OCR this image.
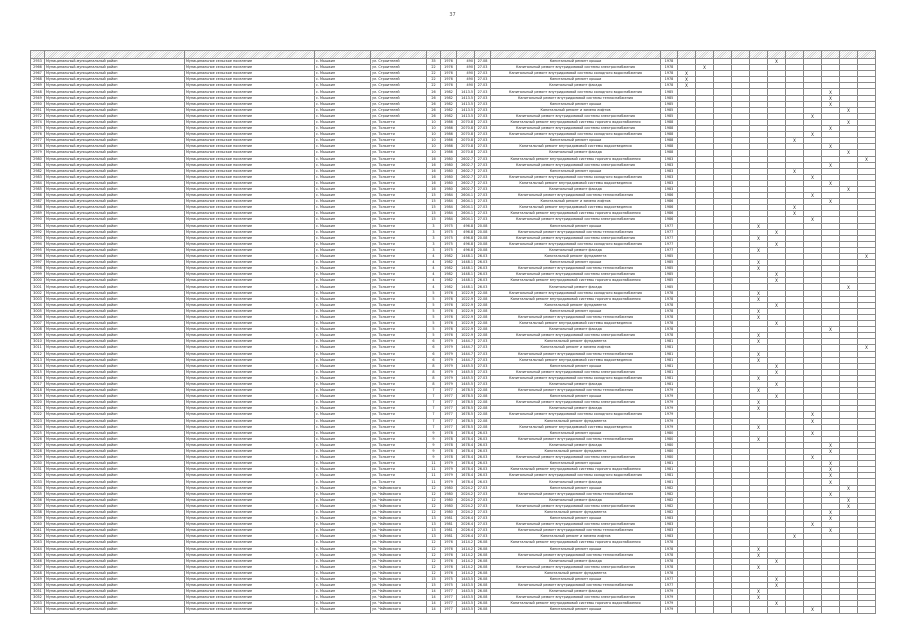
37

2953	Муниципальный-муниципальный район	Муниципальное сельское поселение	с. Мышкин	ул. Строителей	35	1976	490	27.08	Капитальный ремонт крыши	1978						X					
2966	Муниципальный-муниципальный район	Муниципальное сельское поселение	с. Мышкин	ул. Строителей	22	1976	490	27.03	Капитальный ремонт внутридомовой системы электроснабжения	1978		X									
2967	Муниципальный-муниципальный район	Муниципальное сельское поселение	с. Мышкин	ул. Строителей	22	1976	490	27.03	Капитальный ремонт внутридомовой системы холодного водоснабжения	1978	X										
2968	Муниципальный-муниципальный район	Муниципальное сельское поселение	с. Мышкин	ул. Строителей	22	1976	490	27.03	Капитальный ремонт крыши	1978	X										
2969	Муниципальный-муниципальный район	Муниципальное сельское поселение	с. Мышкин	ул. Строителей	22	1976	490	27.03	Капитальный ремонт фасада	1978	X										
2948	Муниципальный-муниципальный район	Муниципальное сельское поселение	с. Мышкин	ул. Строителей	26	1982	1413.5	27.03	Капитальный ремонт внутридомовой системы холодного водоснабжения	1985									X		
2949	Муниципальный-муниципальный район	Муниципальное сельское поселение	с. Мышкин	ул. Строителей	26	1982	1413.5	27.03	Капитальный ремонт внутридомовой системы теплоснабжения	1985									X		
2950	Муниципальный-муниципальный район	Муниципальное сельское поселение	с. Мышкин	ул. Строителей	26	1982	1413.5	27.03	Капитальный ремонт крыши	1985									X		
2951	Муниципальный-муниципальный район	Муниципальное сельское поселение	с. Мышкин	ул. Строителей	26	1982	1413.5	27.03	Капитальный ремонт и замена лифтов	1985										X	
2972	Муниципальный-муниципальный район	Муниципальное сельское поселение	с. Мышкин	ул. Строителей	26	1982	1413.5	27.03	Капитальный ремонт внутридомовой системы электроснабжения	1985								X			
2974	Муниципальный-муниципальный район	Муниципальное сельское поселение	с. Мышкин	ул. Тольятти	10	1986	2070.8	27.03	Капитальный ремонт внутридомовой системы горячего водоснабжения	1988										X	
2975	Муниципальный-муниципальный район	Муниципальное сельское поселение	с. Мышкин	ул. Тольятти	10	1986	2070.8	27.03	Капитальный ремонт внутридомовой системы электроснабжения	1988									X		
2976	Муниципальный-муниципальный район	Муниципальное сельское поселение	с. Мышкин	ул. Тольятти	10	1986	2070.8	27.03	Капитальный ремонт внутридомовой системы холодного водоснабжения	1988								X			
2977	Муниципальный-муниципальный район	Муниципальное сельское поселение	с. Мышкин	ул. Тольятти	10	1986	2070.8	27.03	Капитальный ремонт крыши	1988							X				
2978	Муниципальный-муниципальный район	Муниципальное сельское поселение	с. Мышкин	ул. Тольятти	10	1986	2070.8	27.03	Капитальный ремонт внутридомовой системы водоотведения	1988									X		
2979	Муниципальный-муниципальный район	Муниципальное сельское поселение	с. Мышкин	ул. Тольятти	10	1986	2070.8	27.03	Капитальный ремонт фасада	1988										X	
2980	Муниципальный-муниципальный район	Муниципальное сельское поселение	с. Мышкин	ул. Тольятти	16	1980	2602.7	27.03	Капитальный ремонт внутридомовой системы горячего водоснабжения	1983											X
2981	Муниципальный-муниципальный район	Муниципальное сельское поселение	с. Мышкин	ул. Тольятти	16	1980	2602.7	27.03	Капитальный ремонт внутридомовой системы электроснабжения	1983									X		
2982	Муниципальный-муниципальный район	Муниципальное сельское поселение	с. Мышкин	ул. Тольятти	16	1980	2602.7	27.03	Капитальный ремонт крыши	1983							X				
2983	Муниципальный-муниципальный район	Муниципальное сельское поселение	с. Мышкин	ул. Тольятти	16	1980	2602.7	27.03	Капитальный ремонт внутридомовой системы холодного водоснабжения	1983								X			
2984	Муниципальный-муниципальный район	Муниципальное сельское поселение	с. Мышкин	ул. Тольятти	16	1980	2602.7	27.03	Капитальный ремонт внутридомовой системы водоотведения	1983									X		
2985	Муниципальный-муниципальный район	Муниципальное сельское поселение	с. Мышкин	ул. Тольятти	16	1980	2602.7	27.03	Капитальный ремонт фасада	1983										X	
2986	Муниципальный-муниципальный район	Муниципальное сельское поселение	с. Мышкин	ул. Тольятти	15	1984	2604.1	27.03	Капитальный ремонт внутридомовой системы теплоснабжения	1986								X			
2987	Муниципальный-муниципальный район	Муниципальное сельское поселение	с. Мышкин	ул. Тольятти	15	1984	2604.1	27.03	Капитальный ремонт и замена лифтов	1986									X		
2988	Муниципальный-муниципальный район	Муниципальное сельское поселение	с. Мышкин	ул. Тольятти	15	1984	2604.1	27.03	Капитальный ремонт внутридомовой системы водоотведения	1986							X				
2989	Муниципальный-муниципальный район	Муниципальное сельское поселение	с. Мышкин	ул. Тольятти	15	1984	2604.1	27.03	Капитальный ремонт внутридомовой системы горячего водоснабжения	1986							X				
2990	Муниципальный-муниципальный район	Муниципальное сельское поселение	с. Мышкин	ул. Тольятти	15	1984	2604.1	27.03	Капитальный ремонт внутридомовой системы электроснабжения	1986								X			
2991	Муниципальный-муниципальный район	Муниципальное сельское поселение	с. Мышкин	ул. Тольятти	3	1975	496.8	20.08	Капитальный ремонт крыши	1977					X						
2992	Муниципальный-муниципальный район	Муниципальное сельское поселение	с. Мышкин	ул. Тольятти	3	1975	496.8	20.08	Капитальный ремонт внутридомовой системы теплоснабжения	1977						X					
2993	Муниципальный-муниципальный район	Муниципальное сельское поселение	с. Мышкин	ул. Тольятти	3	1975	496.8	20.08	Капитальный ремонт внутридомовой системы электроснабжения	1977					X						
2994	Муниципальный-муниципальный район	Муниципальное сельское поселение	с. Мышкин	ул. Тольятти	3	1975	496.8	20.08	Капитальный ремонт внутридомовой системы холодного водоснабжения	1977						X					
2995	Муниципальный-муниципальный район	Муниципальное сельское поселение	с. Мышкин	ул. Тольятти	3	1975	496.8	20.08	Капитальный ремонт фасада	1977					X						
2996	Муниципальный-муниципальный район	Муниципальное сельское поселение	с. Мышкин	ул. Тольятти	4	1982	1448.1	26.03	Капитальный ремонт фундамента	1985											X
2997	Муниципальный-муниципальный район	Муниципальное сельское поселение	с. Мышкин	ул. Тольятти	4	1982	1448.1	26.03	Капитальный ремонт крыши	1985					X						
2998	Муниципальный-муниципальный район	Муниципальное сельское поселение	с. Мышкин	ул. Тольятти	4	1982	1448.1	26.03	Капитальный ремонт внутридомовой системы теплоснабжения	1985					X						
2999	Муниципальный-муниципальный район	Муниципальное сельское поселение	с. Мышкин	ул. Тольятти	4	1982	1448.1	26.03	Капитальный ремонт внутридомовой системы электроснабжения	1985						X					
3000	Муниципальный-муниципальный район	Муниципальное сельское поселение	с. Мышкин	ул. Тольятти	4	1982	1448.1	26.03	Капитальный ремонт внутридомовой системы горячего водоснабжения	1985						X					
3001	Муниципальный-муниципальный район	Муниципальное сельское поселение	с. Мышкин	ул. Тольятти	4	1982	1448.1	26.03	Капитальный ремонт фасада	1985										X	
3002	Муниципальный-муниципальный район	Муниципальное сельское поселение	с. Мышкин	ул. Тольятти	5	1976	1022.9	22.08	Капитальный ремонт внутридомовой системы холодного водоснабжения	1978					X						
3003	Муниципальный-муниципальный район	Муниципальное сельское поселение	с. Мышкин	ул. Тольятти	5	1976	1022.9	22.08	Капитальный ремонт внутридомовой системы горячего водоснабжения	1978					X						
3004	Муниципальный-муниципальный район	Муниципальное сельское поселение	с. Мышкин	ул. Тольятти	5	1976	1022.9	22.08	Капитальный ремонт фундамента	1978						X					
3005	Муниципальный-муниципальный район	Муниципальное сельское поселение	с. Мышкин	ул. Тольятти	5	1976	1022.9	22.08	Капитальный ремонт крыши	1978					X						
3006	Муниципальный-муниципальный район	Муниципальное сельское поселение	с. Мышкин	ул. Тольятти	5	1976	1022.9	22.08	Капитальный ремонт внутридомовой системы теплоснабжения	1978					X						
3007	Муниципальный-муниципальный район	Муниципальное сельское поселение	с. Мышкин	ул. Тольятти	5	1976	1022.9	22.08	Капитальный ремонт внутридомовой системы водоотведения	1978						X					
3008	Муниципальный-муниципальный район	Муниципальное сельское поселение	с. Мышкин	ул. Тольятти	5	1976	1022.9	22.08	Капитальный ремонт фасада	1978									X		
3009	Муниципальный-муниципальный район	Муниципальное сельское поселение	с. Мышкин	ул. Тольятти	5	1976	1022.9	22.08	Капитальный ремонт внутридомовой системы электроснабжения	1978					X						
3010	Муниципальный-муниципальный район	Муниципальное сельское поселение	с. Мышкин	ул. Тольятти	6	1979	1444.7	27.03	Капитальный ремонт фундамента	1981					X						
3011	Муниципальный-муниципальный район	Муниципальное сельское поселение	с. Мышкин	ул. Тольятти	6	1979	1444.7	27.03	Капитальный ремонт и замена лифтов	1981											X
3012	Муниципальный-муниципальный район	Муниципальное сельское поселение	с. Мышкин	ул. Тольятти	6	1979	1444.7	27.03	Капитальный ремонт внутридомовой системы теплоснабжения	1981					X						
3013	Муниципальный-муниципальный район	Муниципальное сельское поселение	с. Мышкин	ул. Тольятти	6	1979	1444.7	27.03	Капитальный ремонт внутридомовой системы водоотведения	1981					X						
3014	Муниципальный-муниципальный район	Муниципальное сельское поселение	с. Мышкин	ул. Тольятти	8	1979	1445.5	27.03	Капитальный ремонт крыши	1981						X					
3015	Муниципальный-муниципальный район	Муниципальное сельское поселение	с. Мышкин	ул. Тольятти	8	1979	1445.5	27.03	Капитальный ремонт внутридомовой системы электроснабжения	1981						X					
3016	Муниципальный-муниципальный район	Муниципальное сельское поселение	с. Мышкин	ул. Тольятти	8	1979	1445.5	27.03	Капитальный ремонт внутридомовой системы холодного водоснабжения	1981					X						
3017	Муниципальный-муниципальный район	Муниципальное сельское поселение	с. Мышкин	ул. Тольятти	8	1979	1445.5	27.03	Капитальный ремонт фасада	1981						X					
3018	Муниципальный-муниципальный район	Муниципальное сельское поселение	с. Мышкин	ул. Тольятти	7	1977	1678.5	22.08	Капитальный ремонт внутридомовой системы теплоснабжения	1979					X						
3019	Муниципальный-муниципальный район	Муниципальное сельское поселение	с. Мышкин	ул. Тольятти	7	1977	1678.5	22.08	Капитальный ремонт крыши	1979						X					
3020	Муниципальный-муниципальный район	Муниципальное сельское поселение	с. Мышкин	ул. Тольятти	7	1977	1678.5	22.08	Капитальный ремонт внутридомовой системы электроснабжения	1979					X						
3021	Муниципальный-муниципальный район	Муниципальное сельское поселение	с. Мышкин	ул. Тольятти	7	1977	1678.5	22.08	Капитальный ремонт фасада	1979					X						
3022	Муниципальный-муниципальный район	Муниципальное сельское поселение	с. Мышкин	ул. Тольятти	7	1977	1678.5	22.08	Капитальный ремонт внутридомовой системы холодного водоснабжения	1979								X			
3023	Муниципальный-муниципальный район	Муниципальное сельское поселение	с. Мышкин	ул. Тольятти	7	1977	1678.5	22.08	Капитальный ремонт фундамента	1979								X			
3024	Муниципальный-муниципальный район	Муниципальное сельское поселение	с. Мышкин	ул. Тольятти	7	1977	1678.5	22.08	Капитальный ремонт внутридомовой системы водоотведения	1979					X						
3025	Муниципальный-муниципальный район	Муниципальное сельское поселение	с. Мышкин	ул. Тольятти	9	1978	1678.4	26.03	Капитальный ремонт крыши	1980								X			
3026	Муниципальный-муниципальный район	Муниципальное сельское поселение	с. Мышкин	ул. Тольятти	9	1978	1678.4	26.03	Капитальный ремонт внутридомовой системы теплоснабжения	1980					X						
3027	Муниципальный-муниципальный район	Муниципальное сельское поселение	с. Мышкин	ул. Тольятти	9	1978	1678.4	26.03	Капитальный ремонт фасада	1980									X		
3028	Муниципальный-муниципальный район	Муниципальное сельское поселение	с. Мышкин	ул. Тольятти	9	1978	1678.4	26.03	Капитальный ремонт фундамента	1980									X		
3029	Муниципальный-муниципальный район	Муниципальное сельское поселение	с. Мышкин	ул. Тольятти	9	1978	1678.4	26.03	Капитальный ремонт внутридомовой системы электроснабжения	1980								X			
3030	Муниципальный-муниципальный район	Муниципальное сельское поселение	с. Мышкин	ул. Тольятти	11	1979	1678.4	26.03	Капитальный ремонт крыши	1981									X		
3031	Муниципальный-муниципальный район	Муниципальное сельское поселение	с. Мышкин	ул. Тольятти	11	1979	1678.4	26.03	Капитальный ремонт внутридомовой системы горячего водоснабжения	1981									X		
3032	Муниципальный-муниципальный район	Муниципальное сельское поселение	с. Мышкин	ул. Тольятти	11	1979	1678.4	26.03	Капитальный ремонт внутридомовой системы холодного водоснабжения	1981									X		
3033	Муниципальный-муниципальный район	Муниципальное сельское поселение	с. Мышкин	ул. Тольятти	11	1979	1678.4	26.03	Капитальный ремонт фасада	1981									X		
3034	Муниципальный-муниципальный район	Муниципальное сельское поселение	с. Мышкин	ул. Чайковского	12	1980	2024.2	27.03	Капитальный ремонт крыши	1982										X	
3035	Муниципальный-муниципальный район	Муниципальное сельское поселение	с. Мышкин	ул. Чайковского	12	1980	2024.2	27.03	Капитальный ремонт внутридомовой системы теплоснабжения	1982									X		
3036	Муниципальный-муниципальный район	Муниципальное сельское поселение	с. Мышкин	ул. Чайковского	12	1980	2024.2	27.03	Капитальный ремонт фасада	1982										X	
3037	Муниципальный-муниципальный район	Муниципальное сельское поселение	с. Мышкин	ул. Чайковского	12	1980	2024.2	27.03	Капитальный ремонт внутридомовой системы электроснабжения	1982										X	
3038	Муниципальный-муниципальный район	Муниципальное сельское поселение	с. Мышкин	ул. Чайковского	12	1980	2024.2	27.03	Капитальный ремонт фундамента	1982									X		
3039	Муниципальный-муниципальный район	Муниципальное сельское поселение	с. Мышкин	ул. Чайковского	13	1981	2026.4	27.03	Капитальный ремонт крыши	1983									X		
3040	Муниципальный-муниципальный район	Муниципальное сельское поселение	с. Мышкин	ул. Чайковского	13	1981	2026.4	27.03	Капитальный ремонт внутридомовой системы электроснабжения	1983								X			
3041	Муниципальный-муниципальный район	Муниципальное сельское поселение	с. Мышкин	ул. Чайковского	13	1981	2026.4	27.03	Капитальный ремонт внутридомовой системы теплоснабжения	1983									X		
3042	Муниципальный-муниципальный район	Муниципальное сельское поселение	с. Мышкин	ул. Чайковского	13	1981	2026.4	27.03	Капитальный ремонт и замена лифтов	1983							X				
3043	Муниципальный-муниципальный район	Муниципальное сельское поселение	с. Мышкин	ул. Чайковского	12	1976	1414.2	26.08	Капитальный ремонт внутридомовой системы горячего водоснабжения	1978											
3044	Муниципальный-муниципальный район	Муниципальное сельское поселение	с. Мышкин	ул. Чайковского	12	1976	1414.2	26.08	Капитальный ремонт крыши	1978					X						
3045	Муниципальный-муниципальный район	Муниципальное сельское поселение	с. Мышкин	ул. Чайковского	12	1976	1414.2	26.08	Капитальный ремонт внутридомовой системы теплоснабжения	1978					X						
3046	Муниципальный-муниципальный район	Муниципальное сельское поселение	с. Мышкин	ул. Чайковского	12	1976	1414.2	26.08	Капитальный ремонт фасада	1978						X					
3047	Муниципальный-муниципальный район	Муниципальное сельское поселение	с. Мышкин	ул. Чайковского	12	1976	1414.2	26.08	Капитальный ремонт внутридомовой системы электроснабжения	1978					X						
3048	Муниципальный-муниципальный район	Муниципальное сельское поселение	с. Мышкин	ул. Чайковского	12	1976	1414.2	26.08	Капитальный ремонт фундамента	1978											
3049	Муниципальный-муниципальный район	Муниципальное сельское поселение	с. Мышкин	ул. Чайковского	15	1975	1443.5	26.08	Капитальный ремонт крыши	1977						X					
3050	Муниципальный-муниципальный район	Муниципальное сельское поселение	с. Мышкин	ул. Чайковского	15	1975	1443.5	26.08	Капитальный ремонт внутридомовой системы теплоснабжения	1977						X					
3051	Муниципальный-муниципальный район	Муниципальное сельское поселение	с. Мышкин	ул. Чайковского	14	1977	1443.5	26.08	Капитальный ремонт фасада	1979					X						
3052	Муниципальный-муниципальный район	Муниципальное сельское поселение	с. Мышкин	ул. Чайковского	14	1977	1443.5	26.08	Капитальный ремонт внутридомовой системы электроснабжения	1979					X						
3053	Муниципальный-муниципальный район	Муниципальное сельское поселение	с. Мышкин	ул. Чайковского	14	1977	1443.5	26.08	Капитальный ремонт внутридомовой системы горячего водоснабжения	1979						X					
3054	Муниципальный-муниципальный район	Муниципальное сельское поселение	с. Мышкин	ул. Чайковского	14	1977	1443.5	26.08	Капитальный ремонт крыши	1979								X			
